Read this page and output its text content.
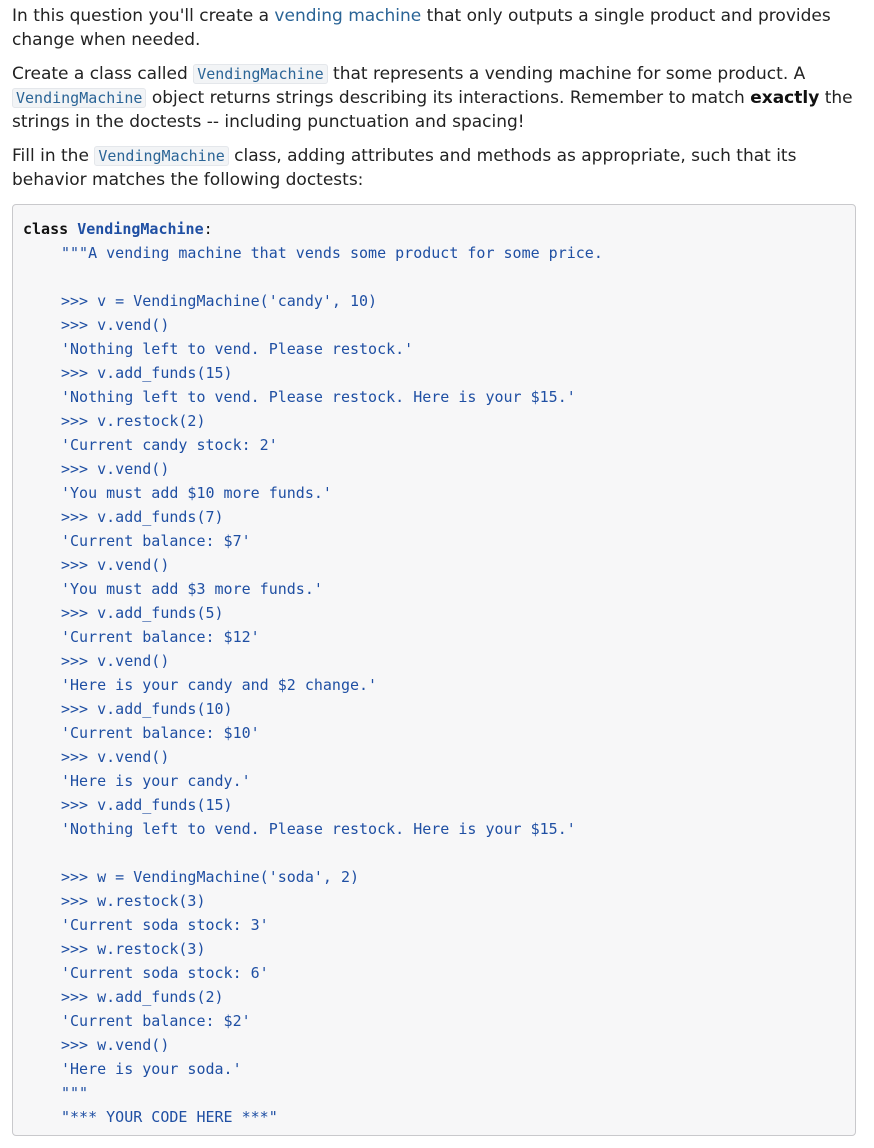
In this question you'll create a vending machine that only outputs a single product and provides change when needed.

Create a class called VendingMachine that represents a vending machine for some product. A VendingMachine object returns strings describing its interactions. Remember to match exactly the strings in the doctests -- including punctuation and spacing!

Fill in the VendingMachine class, adding attributes and methods as appropriate, such that its behavior matches the following doctests:

class VendingMachine:
"""A vending machine that vends some product for some price.
>>> v = VendingMachine('candy', 10)
>>> v.vend()
'Nothing left to vend. Please restock.'
>>> v.add_funds(15)
'Nothing left to vend. Please restock. Here is your $15.'
>>> v.restock(2)
'Current candy stock: 2'
>>> v.vend()
'You must add $10 more funds.'
>>> v.add_funds(7)
'Current balance: $7'
>>> v.vend()
'You must add $3 more funds.'
>>> v.add_funds(5)
'Current balance: $12'
>>> v.vend()
'Here is your candy and $2 change.'
>>> v.add_funds(10)
'Current balance: $10'
>>> v.vend()
'Here is your candy.'
>>> v.add_funds(15)
'Nothing left to vend. Please restock. Here is your $15.'
>>> w = VendingMachine('soda', 2)
>>> w.restock(3)
'Current soda stock: 3'
>>> w.restock(3)
'Current soda stock: 6'
>>> w.add_funds(2)
'Current balance: $2'
>>> w.vend()
'Here is your soda.'
"""
"*** YOUR CODE HERE ***"
